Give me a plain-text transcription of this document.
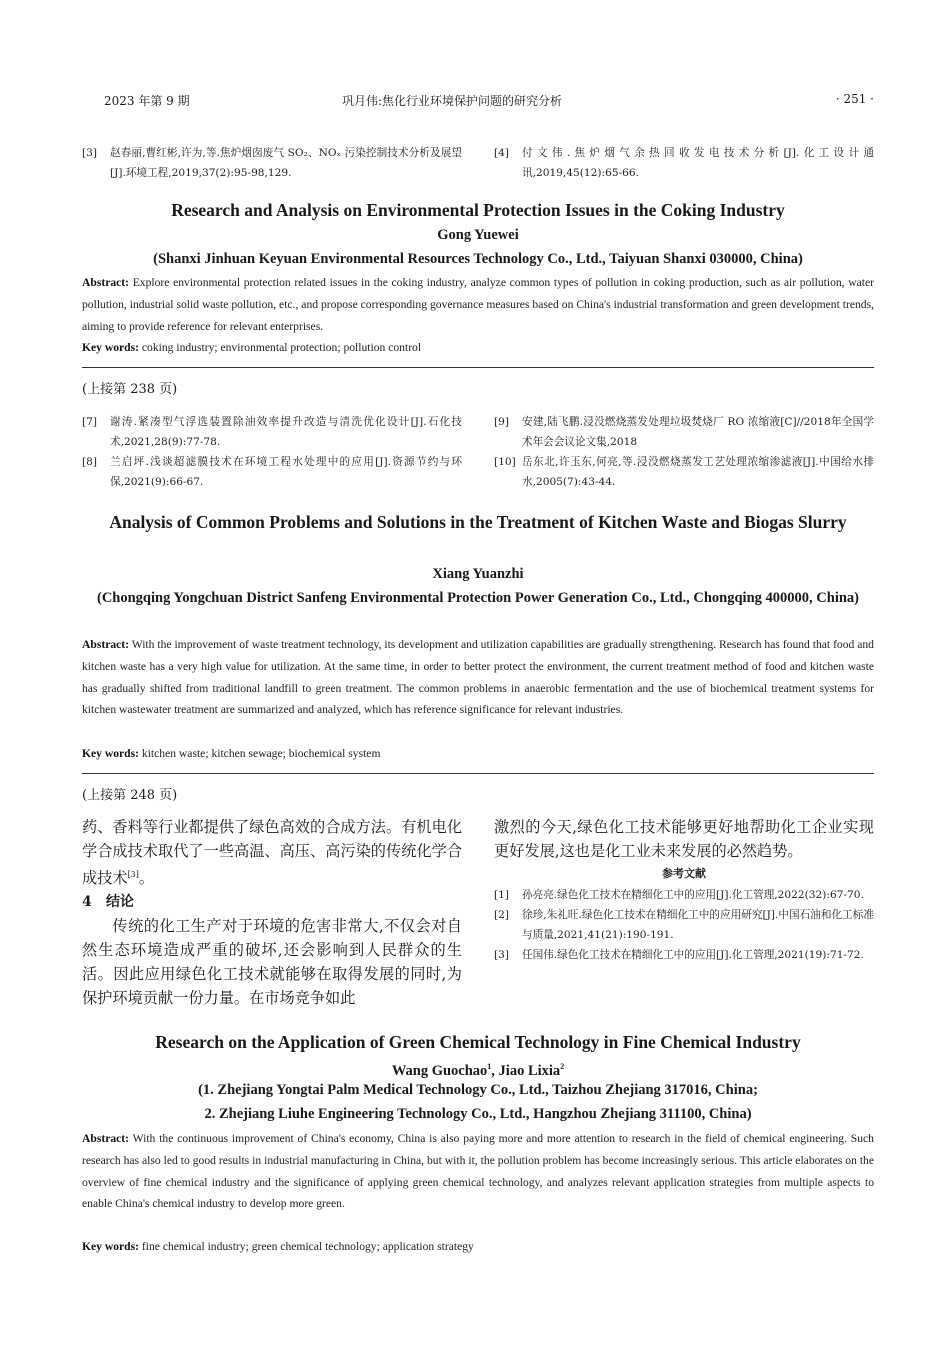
2023 年第 9 期	巩月伟:焦化行业环境保护问题的研究分析	· 251 ·
[3]	赵春丽,曹红彬,许为,等.焦炉烟囱废气 SO₂、NOₓ 污染控制技术分析及展望[J].环境工程,2019,37(2):95-98,129.
[4]	付文伟.焦炉烟气余热回收发电技术分析[J].化工设计通讯,2019,45(12):65-66.
Research and Analysis on Environmental Protection Issues in the Coking Industry
Gong Yuewei
(Shanxi Jinhuan Keyuan Environmental Resources Technology Co., Ltd., Taiyuan Shanxi 030000, China)
Abstract: Explore environmental protection related issues in the coking industry, analyze common types of pollution in coking production, such as air pollution, water pollution, industrial solid waste pollution, etc., and propose corresponding governance measures based on China's industrial transformation and green development trends, aiming to provide reference for relevant enterprises.
Key words: coking industry; environmental protection; pollution control
(上接第 238 页)
[7]	谢涛.紧凑型气浮选装置除油效率提升改造与清洗优化设计[J].石化技术,2021,28(9):77-78.
[8]	兰启坪.浅谈超滤膜技术在环境工程水处理中的应用[J].资源节约与环保,2021(9):66-67.
[9]	安建,陆飞鹏.浸没燃烧蒸发处理垃圾焚烧厂 RO 浓缩液[C]//2018年全国学术年会会议论文集,2018
[10] 岳东北,许玉东,何亮,等.浸没燃烧蒸发工艺处理浓缩渗滤液[J].中国给水排水,2005(7):43-44.
Analysis of Common Problems and Solutions in the Treatment of Kitchen Waste and Biogas Slurry
Xiang Yuanzhi
(Chongqing Yongchuan District Sanfeng Environmental Protection Power Generation Co., Ltd., Chongqing 400000, China)
Abstract: With the improvement of waste treatment technology, its development and utilization capabilities are gradually strengthening. Research has found that food and kitchen waste has a very high value for utilization. At the same time, in order to better protect the environment, the current treatment method of food and kitchen waste has gradually shifted from traditional landfill to green treatment. The common problems in anaerobic fermentation and the use of biochemical treatment systems for kitchen wastewater treatment are summarized and analyzed, which has reference significance for relevant industries.
Key words: kitchen waste; kitchen sewage; biochemical system
(上接第 248 页)

药、香料等行业都提供了绿色高效的合成方法。有机电化学合成技术取代了一些高温、高压、高污染的传统化学合成技术[3]。

4 结论

传统的化工生产对于环境的危害非常大,不仅会对自然生态环境造成严重的破坏,还会影响到人民群众的生活。因此应用绿色化工技术就能够在取得发展的同时,为保护环境贡献一份力量。在市场竞争如此

激烈的今天,绿色化工技术能够更好地帮助化工企业实现更好发展,这也是化工业未来发展的必然趋势。

参考文献
[1]	孙亮亮.绿色化工技术在精细化工中的应用[J].化工管理,2022(32):67-70.
[2]	徐珍,朱礼旺.绿色化工技术在精细化工中的应用研究[J].中国石油和化工标准与质量,2021,41(21):190-191.
[3]	任国伟.绿色化工技术在精细化工中的应用[J].化工管理,2021(19):71-72.
Research on the Application of Green Chemical Technology in Fine Chemical Industry
Wang Guochao$^1$, Jiao Lixia$^2$
(1. Zhejiang Yongtai Palm Medical Technology Co., Ltd., Taizhou Zhejiang 317016, China;
2. Zhejiang Liuhe Engineering Technology Co., Ltd., Hangzhou Zhejiang 311100, China)
Abstract: With the continuous improvement of China's economy, China is also paying more and more attention to research in the field of chemical engineering. Such research has also led to good results in industrial manufacturing in China, but with it, the pollution problem has become increasingly serious. This article elaborates on the overview of fine chemical industry and the significance of applying green chemical technology, and analyzes relevant application strategies from multiple aspects to enable China's chemical industry to develop more green.
Key words: fine chemical industry; green chemical technology; application strategy
